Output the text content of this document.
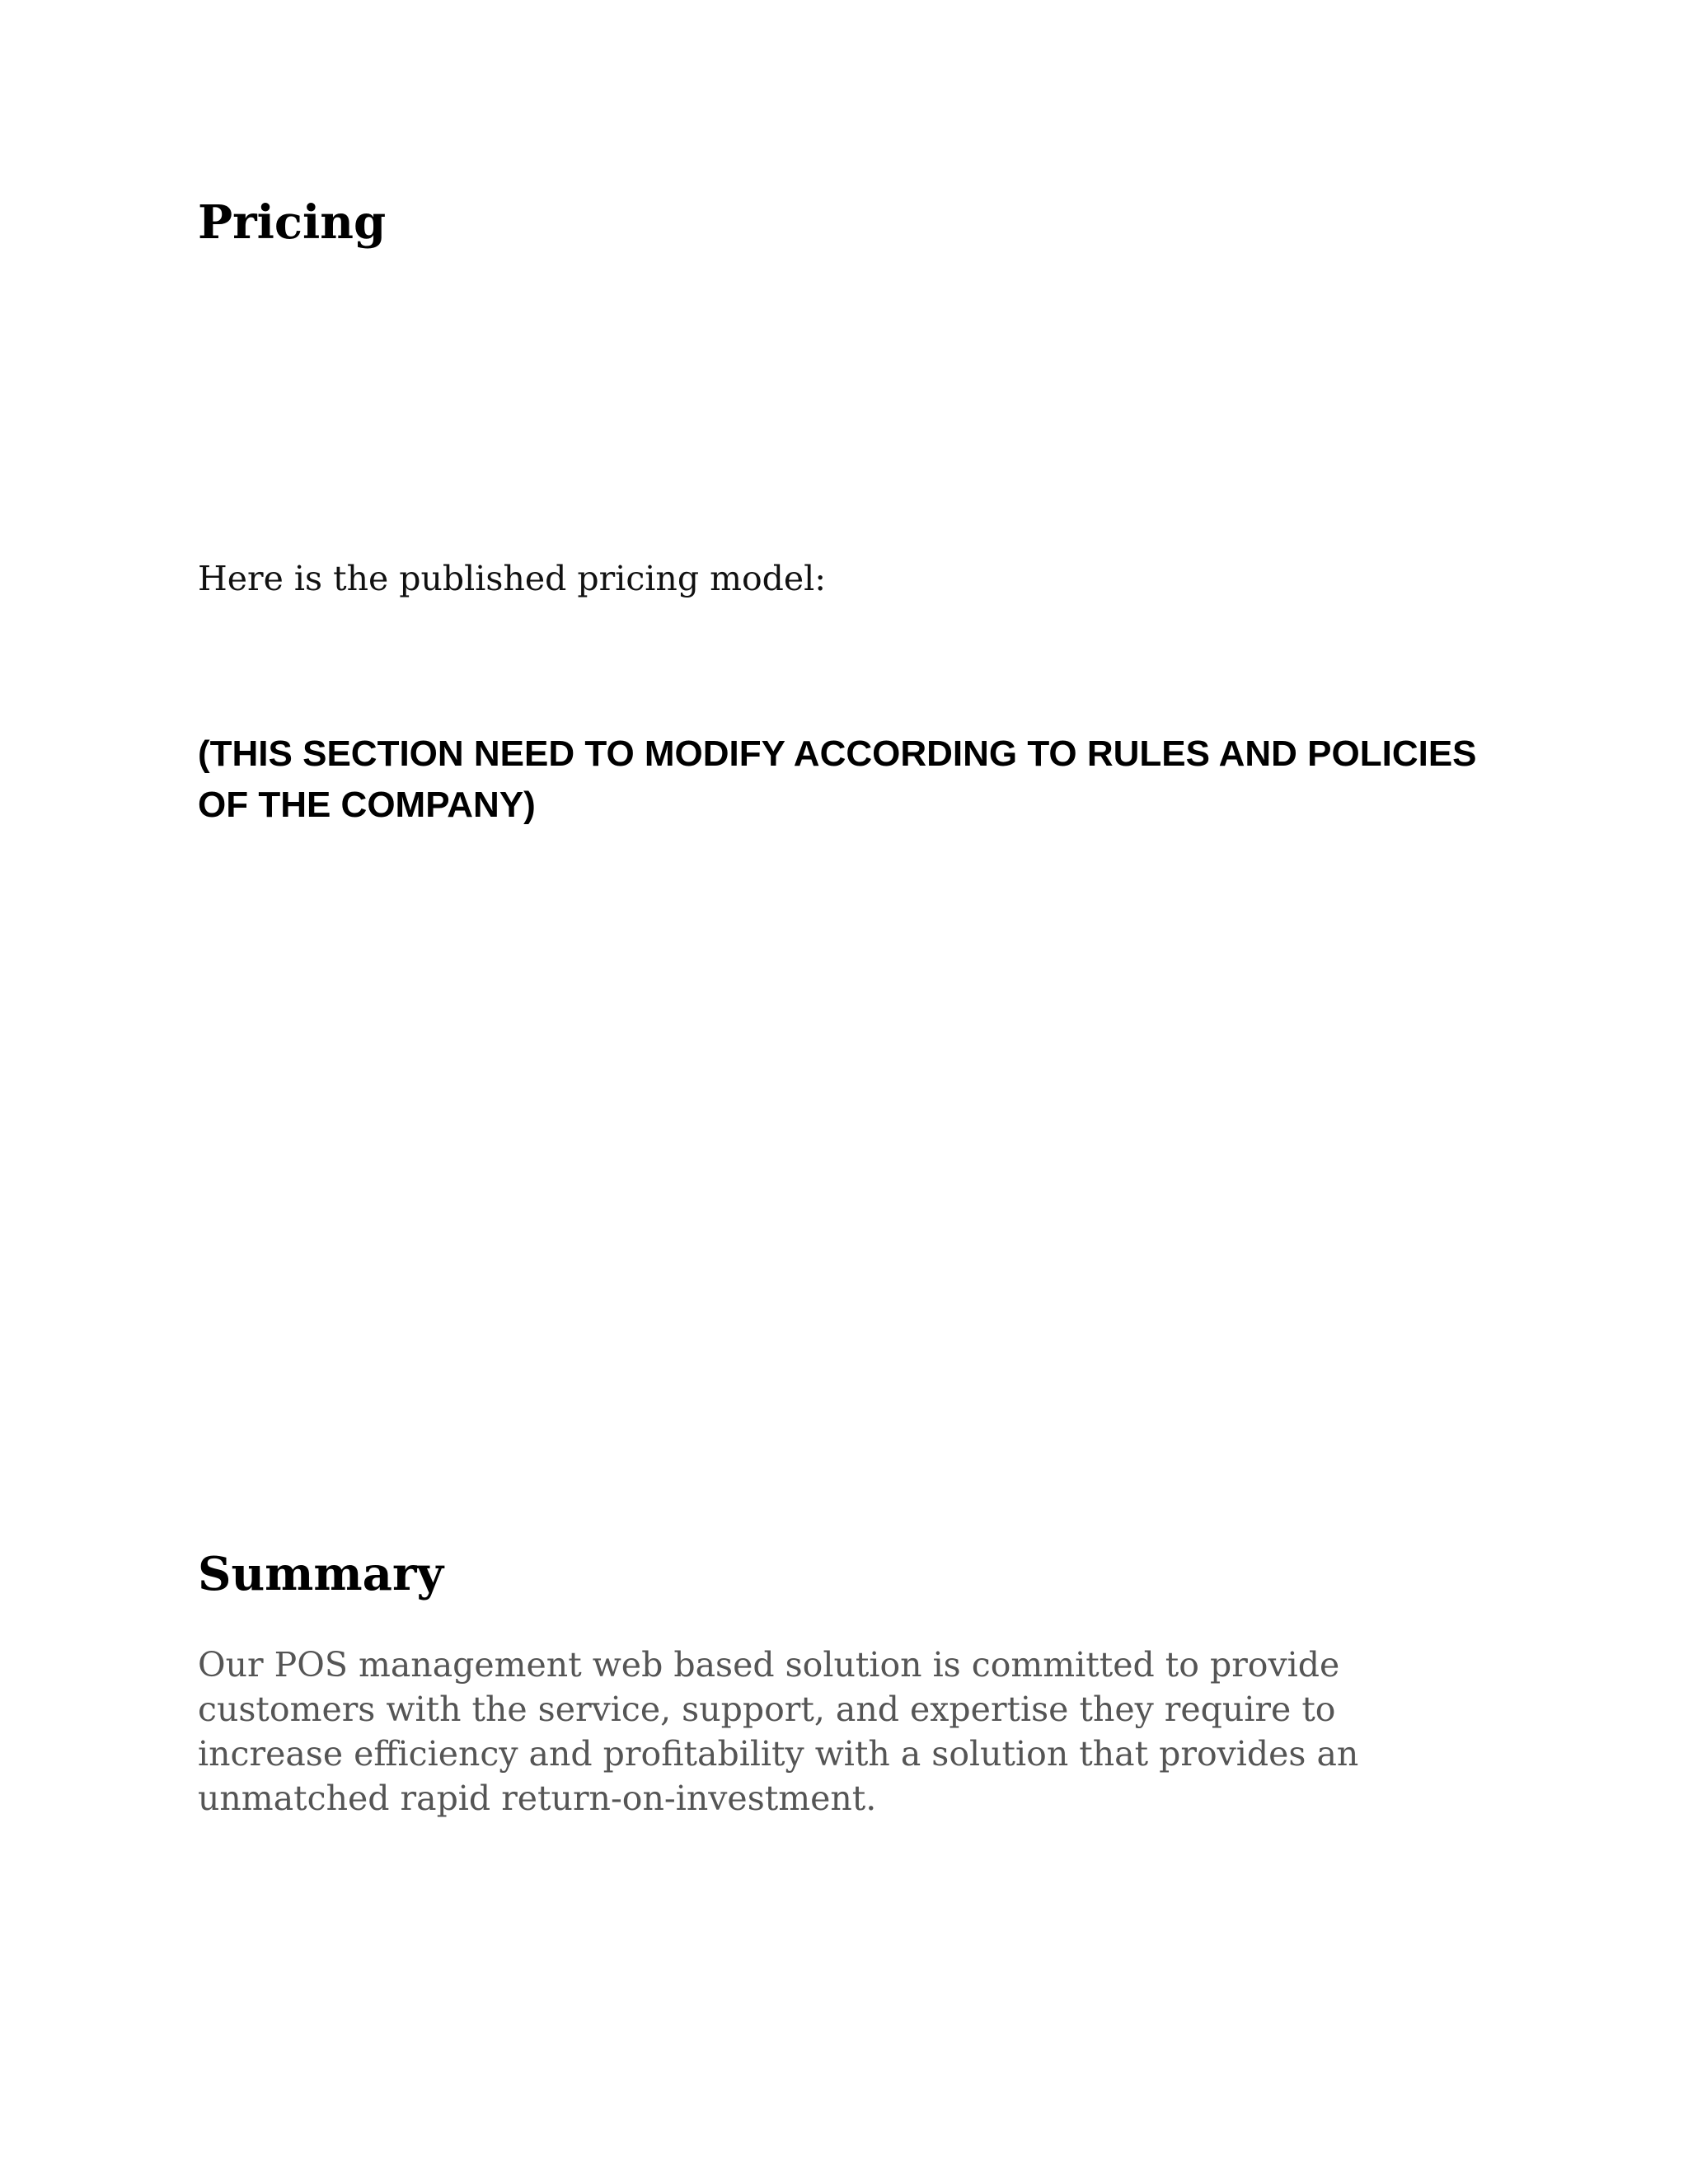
Pricing

Here is the published pricing model:

(THIS SECTION NEED TO MODIFY ACCORDING TO RULES AND POLICIES OF THE COMPANY)

Summary

Our POS management web based solution is committed to provide customers with the service, support, and expertise they require to increase efficiency and profitability with a solution that provides an unmatched rapid return-on-investment.
